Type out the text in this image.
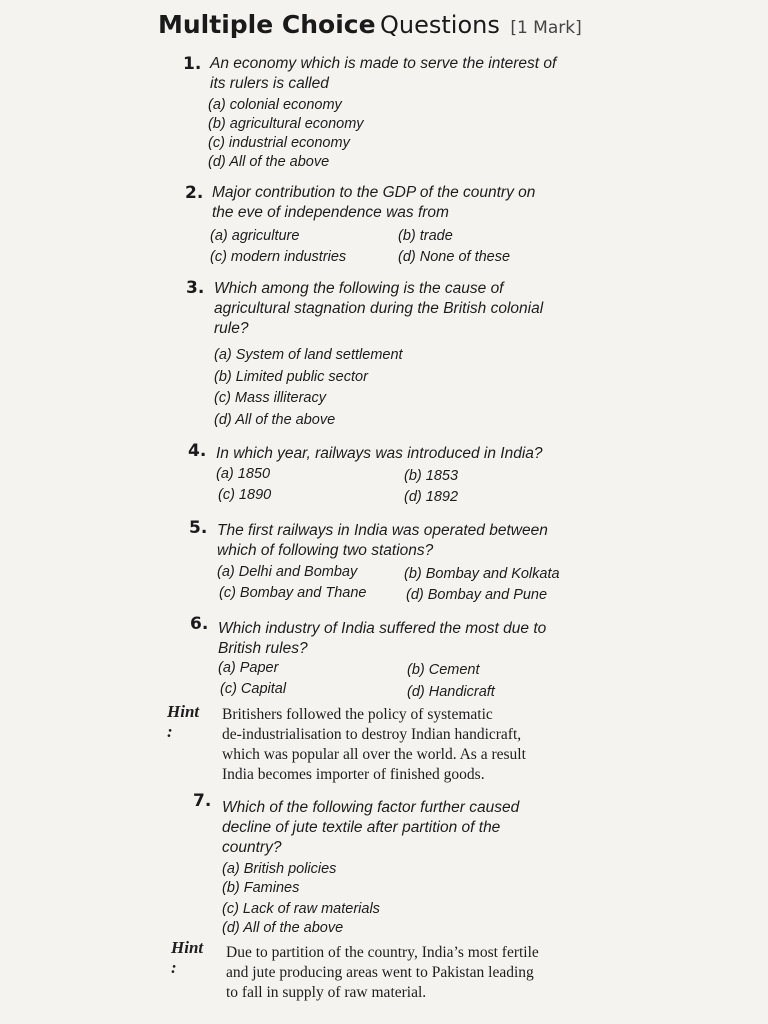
Multiple Choice Questions [1 Mark]
1. An economy which is made to serve the interest of
its rulers is called
(a) colonial economy
(b) agricultural economy
(c) industrial economy
(d) All of the above
2. Major contribution to the GDP of the country on
the eve of independence was from
(a) agriculture	(b) trade
(c) modern industries	(d) None of these
3. Which among the following is the cause of
agricultural stagnation during the British colonial
rule?
(a) System of land settlement
(b) Limited public sector
(c) Mass illiteracy
(d) All of the above
4. In which year, railways was introduced in India?
(a) 1850	(b) 1853
(c) 1890	(d) 1892
5. The first railways in India was operated between
which of following two stations?
(a) Delhi and Bombay	(b) Bombay and Kolkata
(c) Bombay and Thane	(d) Bombay and Pune
6. Which industry of India suffered the most due to
British rules?
(a) Paper	(b) Cement
(c) Capital	(d) Handicraft
Hint :
Britishers followed the policy of systematic
de-industrialisation to destroy Indian handicraft,
which was popular all over the world. As a result
India becomes importer of finished goods.
7. Which of the following factor further caused
decline of jute textile after partition of the
country?
(a) British policies
(b) Famines
(c) Lack of raw materials
(d) All of the above
Hint :
Due to partition of the country, India’s most fertile
and jute producing areas went to Pakistan leading
to fall in supply of raw material.
